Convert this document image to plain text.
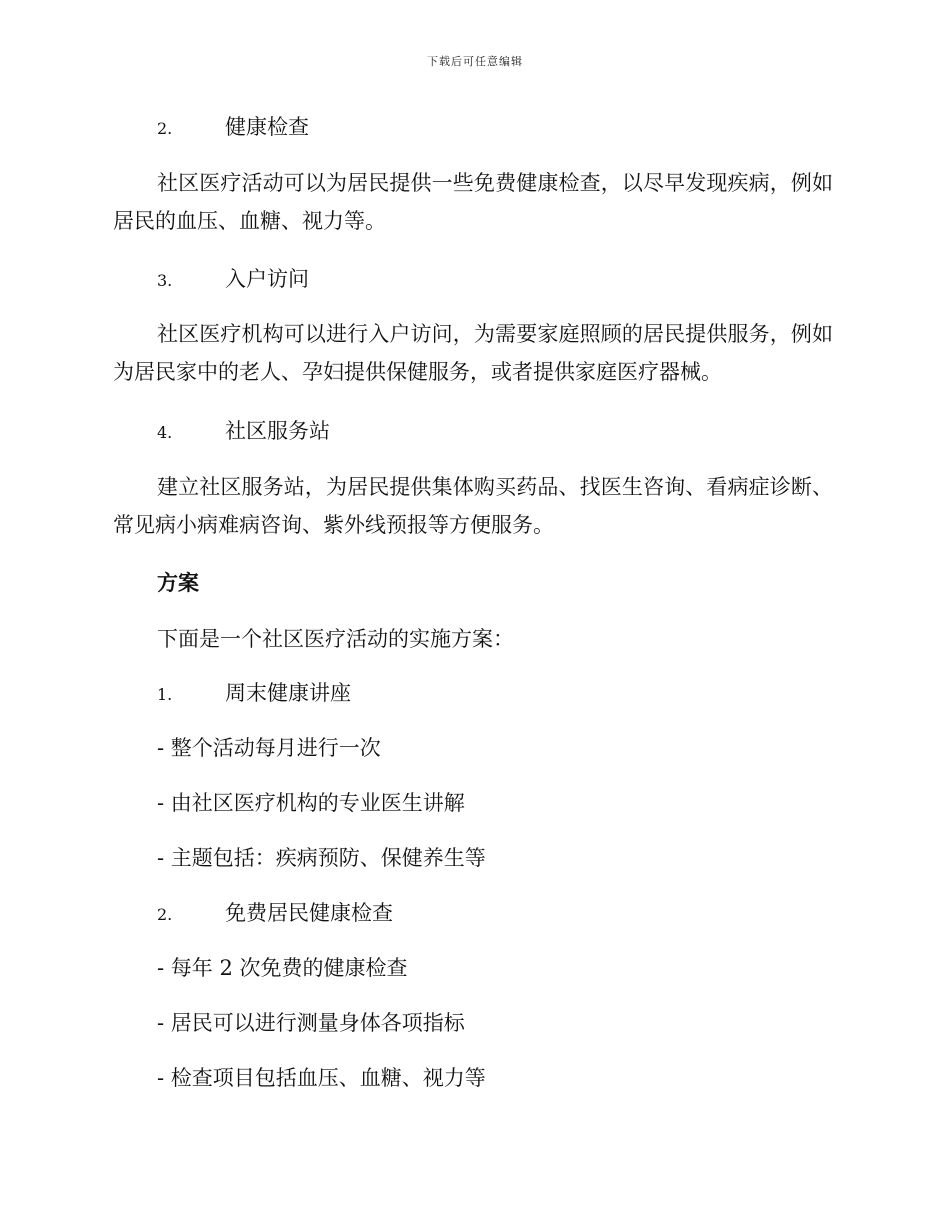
下载后可任意编辑
2.	健康检查
社区医疗活动可以为居民提供一些免费健康检查，以尽早发现疾病，例如居民的血压、血糖、视力等。
3.	入户访问
社区医疗机构可以进行入户访问，为需要家庭照顾的居民提供服务，例如为居民家中的老人、孕妇提供保健服务，或者提供家庭医疗器械。
4.	社区服务站
建立社区服务站，为居民提供集体购买药品、找医生咨询、看病症诊断、常见病小病难病咨询、紫外线预报等方便服务。
方案
下面是一个社区医疗活动的实施方案：
1.	周末健康讲座
- 整个活动每月进行一次
- 由社区医疗机构的专业医生讲解
- 主题包括：疾病预防、保健养生等
2.	免费居民健康检查
- 每年 2 次免费的健康检查
- 居民可以进行测量身体各项指标
- 检查项目包括血压、血糖、视力等
